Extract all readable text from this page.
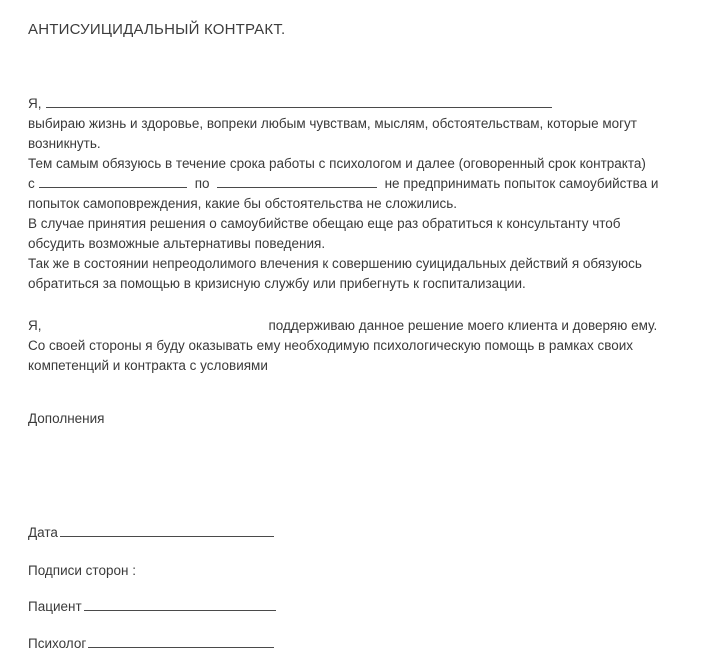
АНТИСУИЦИДАЛЬНЫЙ КОНТРАКТ.
Я,
выбираю жизнь и здоровье, вопреки любым чувствам, мыслям, обстоятельствам, которые могут
возникнуть.
Тем самым обязуюсь в течение срока работы с психологом и далее (оговоренный срок контракта)
с	по	не предпринимать попыток самоубийства и
попыток самоповреждения, какие бы обстоятельства не сложились.
В случае принятия решения о самоубийстве обещаю еще раз обратиться к консультанту чтоб
обсудить возможные альтернативы поведения.
Так же в состоянии непреодолимого влечения к совершению суицидальных действий я обязуюсь
обратиться за помощью в кризисную службу или прибегнуть к госпитализации.
Я,	поддерживаю данное решение моего клиента и доверяю ему.
Со своей стороны я буду оказывать ему необходимую психологическую помощь в рамках своих
компетенций и контракта с условиями
Дополнения
Дата
Подписи сторон :
Пациент
Психолог
